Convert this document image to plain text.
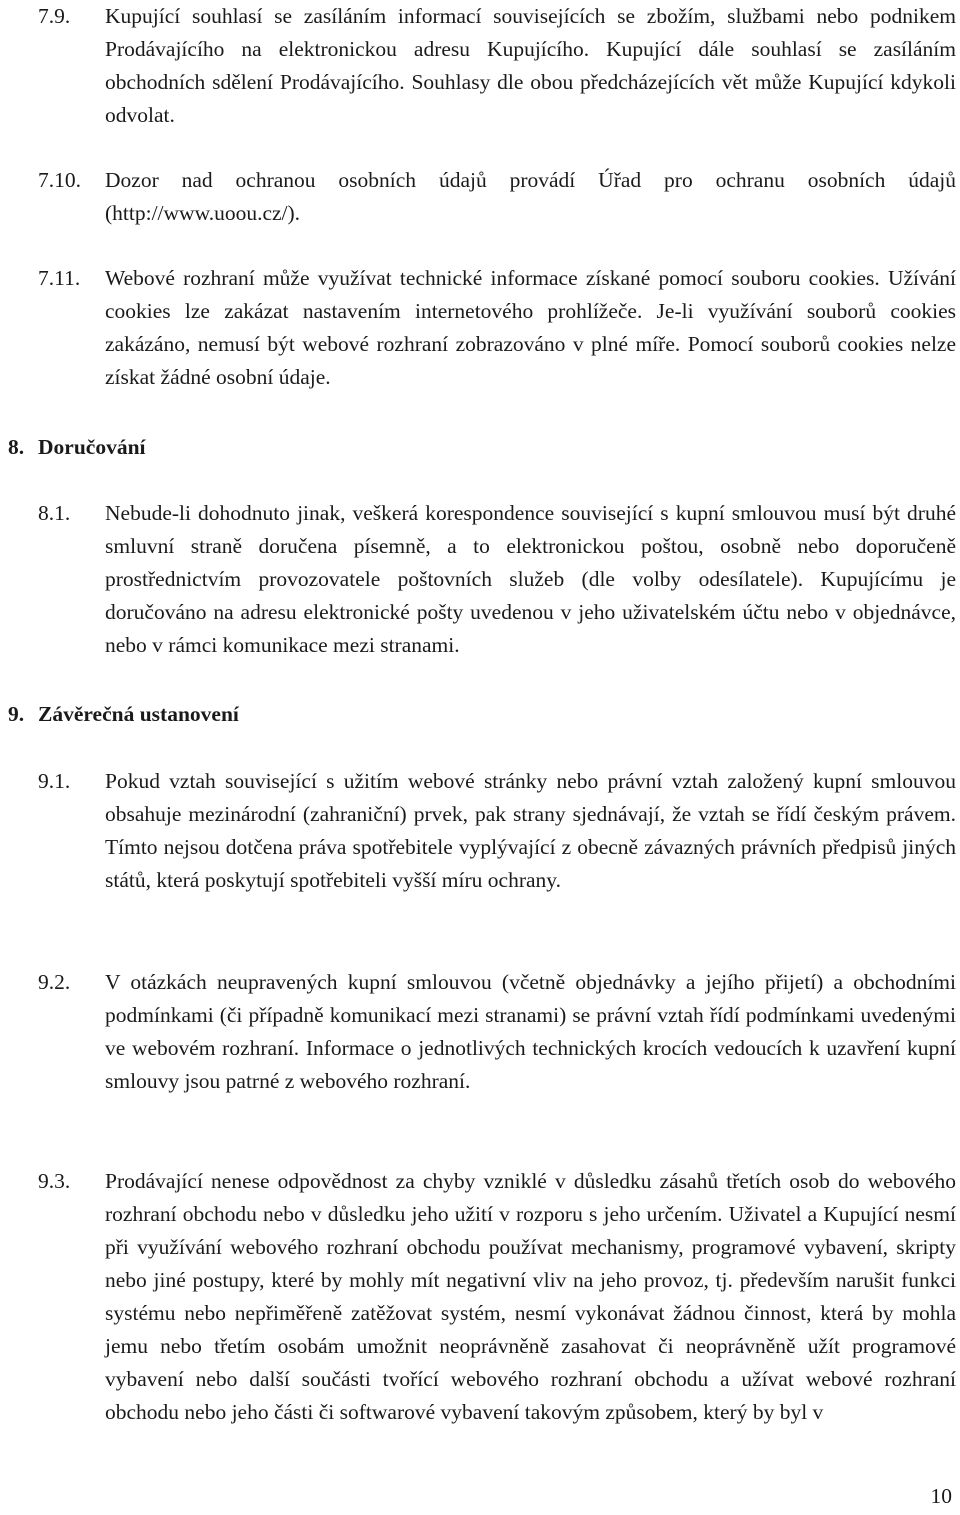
7.9. Kupující souhlasí se zasíláním informací souvisejících se zbožím, službami nebo podnikem Prodávajícího na elektronickou adresu Kupujícího. Kupující dále souhlasí se zasíláním obchodních sdělení Prodávajícího. Souhlasy dle obou předcházejících vět může Kupující kdykoli odvolat.
7.10. Dozor nad ochranou osobních údajů provádí Úřad pro ochranu osobních údajů (http://www.uoou.cz/).
7.11. Webové rozhraní může využívat technické informace získané pomocí souboru cookies. Užívání cookies lze zakázat nastavením internetového prohlížeče. Je-li využívání souborů cookies zakázáno, nemusí být webové rozhraní zobrazováno v plné míře. Pomocí souborů cookies nelze získat žádné osobní údaje.
8. Doručování
8.1. Nebude-li dohodnuto jinak, veškerá korespondence související s kupní smlouvou musí být druhé smluvní straně doručena písemně, a to elektronickou poštou, osobně nebo doporučeně prostřednictvím provozovatele poštovních služeb (dle volby odesílatele). Kupujícímu je doručováno na adresu elektronické pošty uvedenou v jeho uživatelském účtu nebo v objednávce, nebo v rámci komunikace mezi stranami.
9. Závěrečná ustanovení
9.1. Pokud vztah související s užitím webové stránky nebo právní vztah založený kupní smlouvou obsahuje mezinárodní (zahraniční) prvek, pak strany sjednávají, že vztah se řídí českým právem. Tímto nejsou dotčena práva spotřebitele vyplývající z obecně závazných právních předpisů jiných států, která poskytují spotřebiteli vyšší míru ochrany.
9.2. V otázkách neupravených kupní smlouvou (včetně objednávky a jejího přijetí) a obchodními podmínkami (či případně komunikací mezi stranami) se právní vztah řídí podmínkami uvedenými ve webovém rozhraní. Informace o jednotlivých technických krocích vedoucích k uzavření kupní smlouvy jsou patrné z webového rozhraní.
9.3. Prodávající nenese odpovědnost za chyby vzniklé v důsledku zásahů třetích osob do webového rozhraní obchodu nebo v důsledku jeho užití v rozporu s jeho určením. Uživatel a Kupující nesmí při využívání webového rozhraní obchodu používat mechanismy, programové vybavení, skripty nebo jiné postupy, které by mohly mít negativní vliv na jeho provoz, tj. především narušit funkci systému nebo nepřiměřeně zatěžovat systém, nesmí vykonávat žádnou činnost, která by mohla jemu nebo třetím osobám umožnit neoprávněně zasahovat či neoprávněně užít programové vybavení nebo další součásti tvořící webového rozhraní obchodu a užívat webové rozhraní obchodu nebo jeho části či softwarové vybavení takovým způsobem, který by byl v
10
